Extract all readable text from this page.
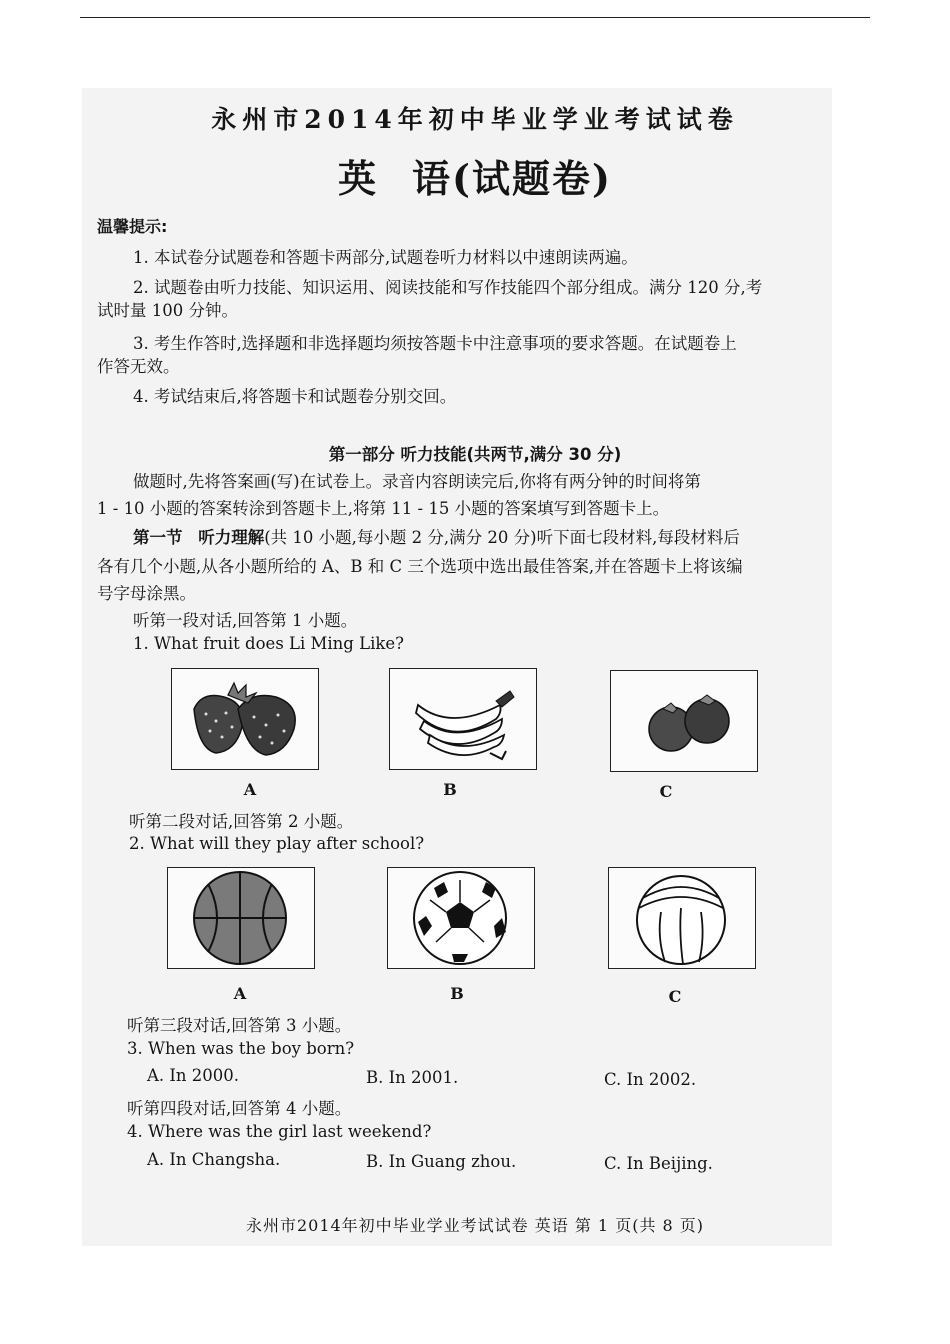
永州市2014年初中毕业学业考试试卷
英 语(试题卷)
温馨提示:
1. 本试卷分试题卷和答题卡两部分,试题卷听力材料以中速朗读两遍。
2. 试题卷由听力技能、知识运用、阅读技能和写作技能四个部分组成。满分 120 分,考
试时量 100 分钟。
3. 考生作答时,选择题和非选择题均须按答题卡中注意事项的要求答题。在试题卷上
作答无效。
4. 考试结束后,将答题卡和试题卷分别交回。
第一部分 听力技能(共两节,满分 30 分)
做题时,先将答案画(写)在试卷上。录音内容朗读完后,你将有两分钟的时间将第
1 - 10 小题的答案转涂到答题卡上,将第 11 - 15 小题的答案填写到答题卡上。
第一节 听力理解(共 10 小题,每小题 2 分,满分 20 分)听下面七段材料,每段材料后
各有几个小题,从各小题所给的 A、B 和 C 三个选项中选出最佳答案,并在答题卡上将该编
号字母涂黑。
听第一段对话,回答第 1 小题。
1. What fruit does Li Ming Like?
A	B	C
听第二段对话,回答第 2 小题。
2. What will they play after school?
A	B	C
听第三段对话,回答第 3 小题。
3. When was the boy born?
A. In 2000.	B. In 2001.	C. In 2002.
听第四段对话,回答第 4 小题。
4. Where was the girl last weekend?
A. In Changsha.	B. In Guang zhou.	C. In Beijing.
永州市2014年初中毕业学业考试试卷 英语 第 1 页(共 8 页)
